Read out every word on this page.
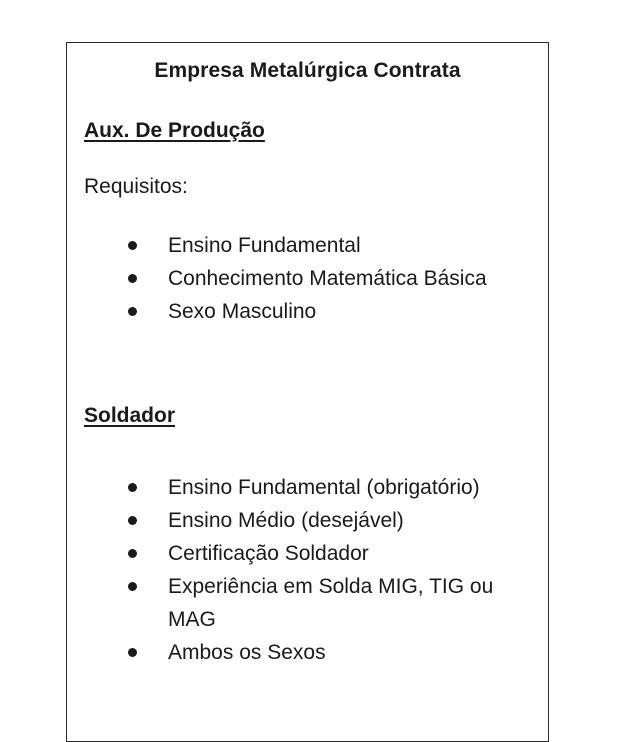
Empresa Metalúrgica Contrata
Aux. De Produção
Requisitos:
Ensino Fundamental
Conhecimento Matemática Básica
Sexo Masculino
Soldador
Ensino Fundamental (obrigatório)
Ensino Médio (desejável)
Certificação Soldador
Experiência em Solda MIG, TIG ou MAG
Ambos os Sexos
